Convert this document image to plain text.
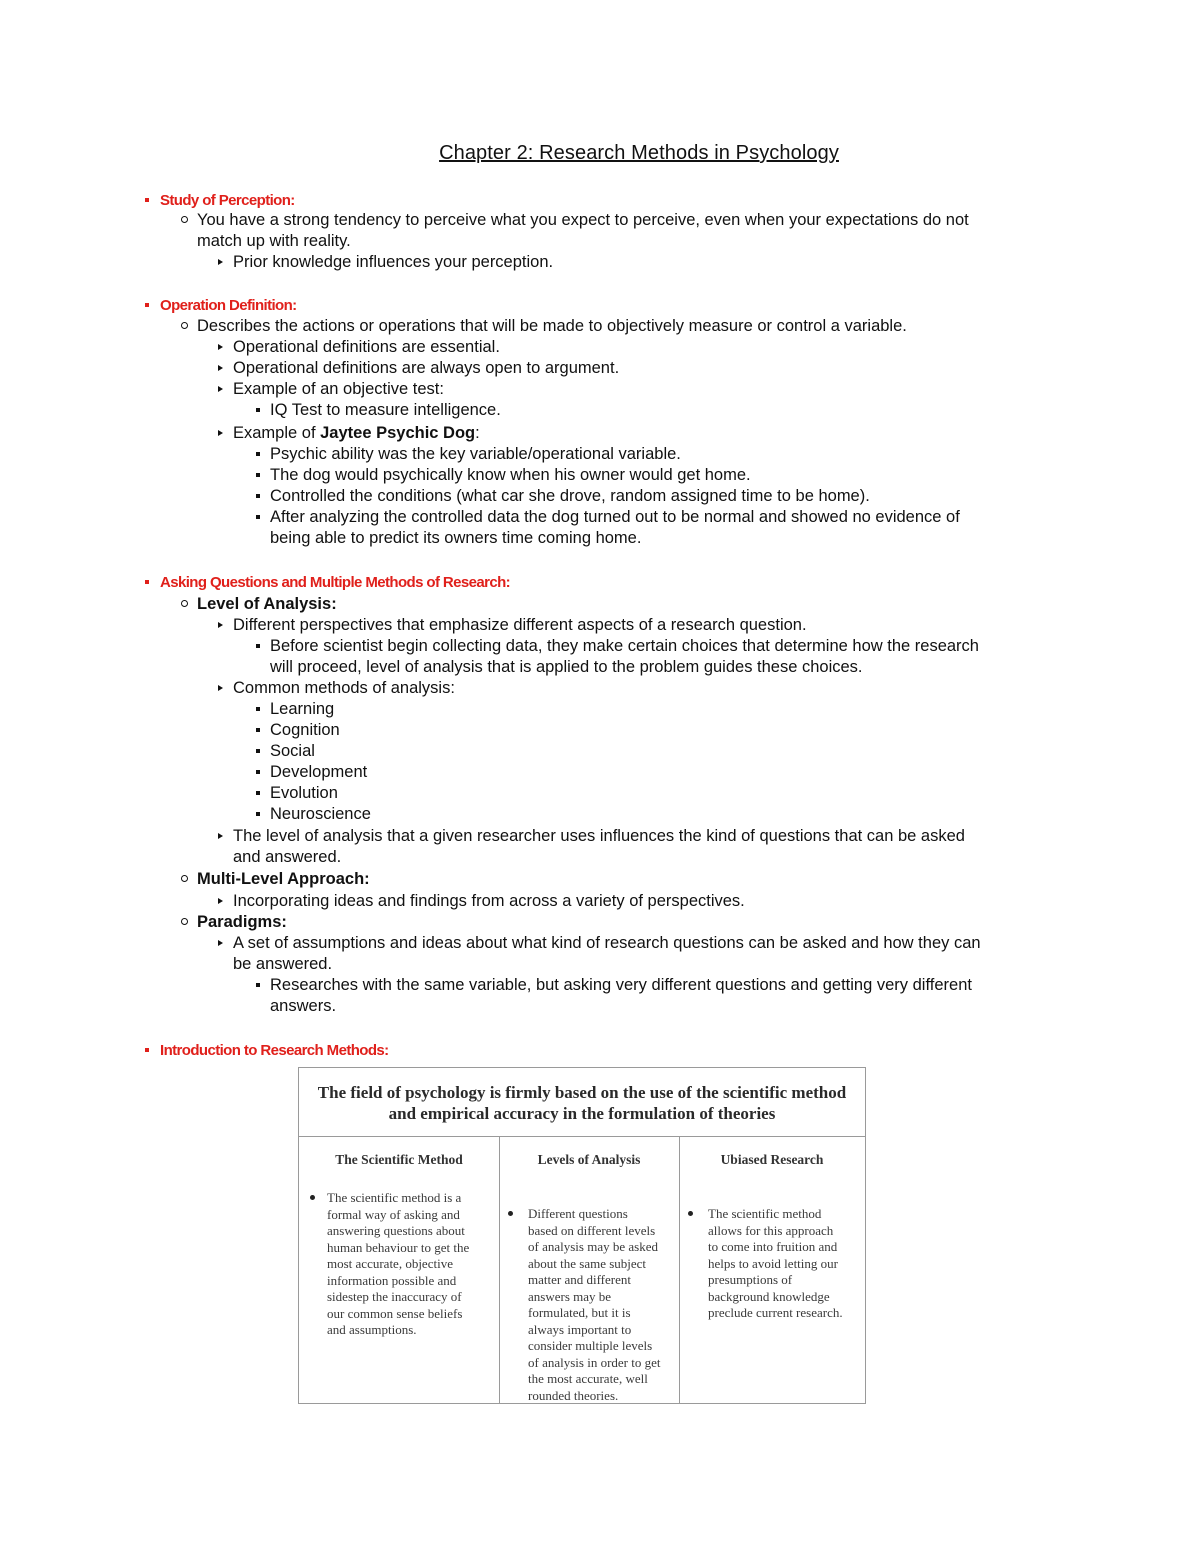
Chapter 2: Research Methods in Psychology
Study of Perception:
You have a strong tendency to perceive what you expect to perceive, even when your expectations do not
match up with reality.
Prior knowledge influences your perception.
Operation Definition:
Describes the actions or operations that will be made to objectively measure or control a variable.
Operational definitions are essential.
Operational definitions are always open to argument.
Example of an objective test:
IQ Test to measure intelligence.
Example of Jaytee Psychic Dog:
Psychic ability was the key variable/operational variable.
The dog would psychically know when his owner would get home.
Controlled the conditions (what car she drove, random assigned time to be home).
After analyzing the controlled data the dog turned out to be normal and showed no evidence of
being able to predict its owners time coming home.
Asking Questions and Multiple Methods of Research:
Level of Analysis:
Different perspectives that emphasize different aspects of a research question.
Before scientist begin collecting data, they make certain choices that determine how the research
will proceed, level of analysis that is applied to the problem guides these choices.
Common methods of analysis:
Learning
Cognition
Social
Development
Evolution
Neuroscience
The level of analysis that a given researcher uses influences the kind of questions that can be asked
and answered.
Multi-Level Approach:
Incorporating ideas and findings from across a variety of perspectives.
Paradigms:
A set of assumptions and ideas about what kind of research questions can be asked and how they can
be answered.
Researches with the same variable, but asking very different questions and getting very different
answers.
Introduction to Research Methods:
The field of psychology is firmly based on the use of the scientific method
and empirical accuracy in the formulation of theories
The Scientific Method
The scientific method is a
formal way of asking and
answering questions about
human behaviour to get the
most accurate, objective
information possible and
sidestep the inaccuracy of
our common sense beliefs
and assumptions.
Levels of Analysis
Different questions
based on different levels
of analysis may be asked
about the same subject
matter and different
answers may be
formulated, but it is
always important to
consider multiple levels
of analysis in order to get
the most accurate, well
rounded theories.
Ubiased Research
The scientific method
allows for this approach
to come into fruition and
helps to avoid letting our
presumptions of
background knowledge
preclude current research.
